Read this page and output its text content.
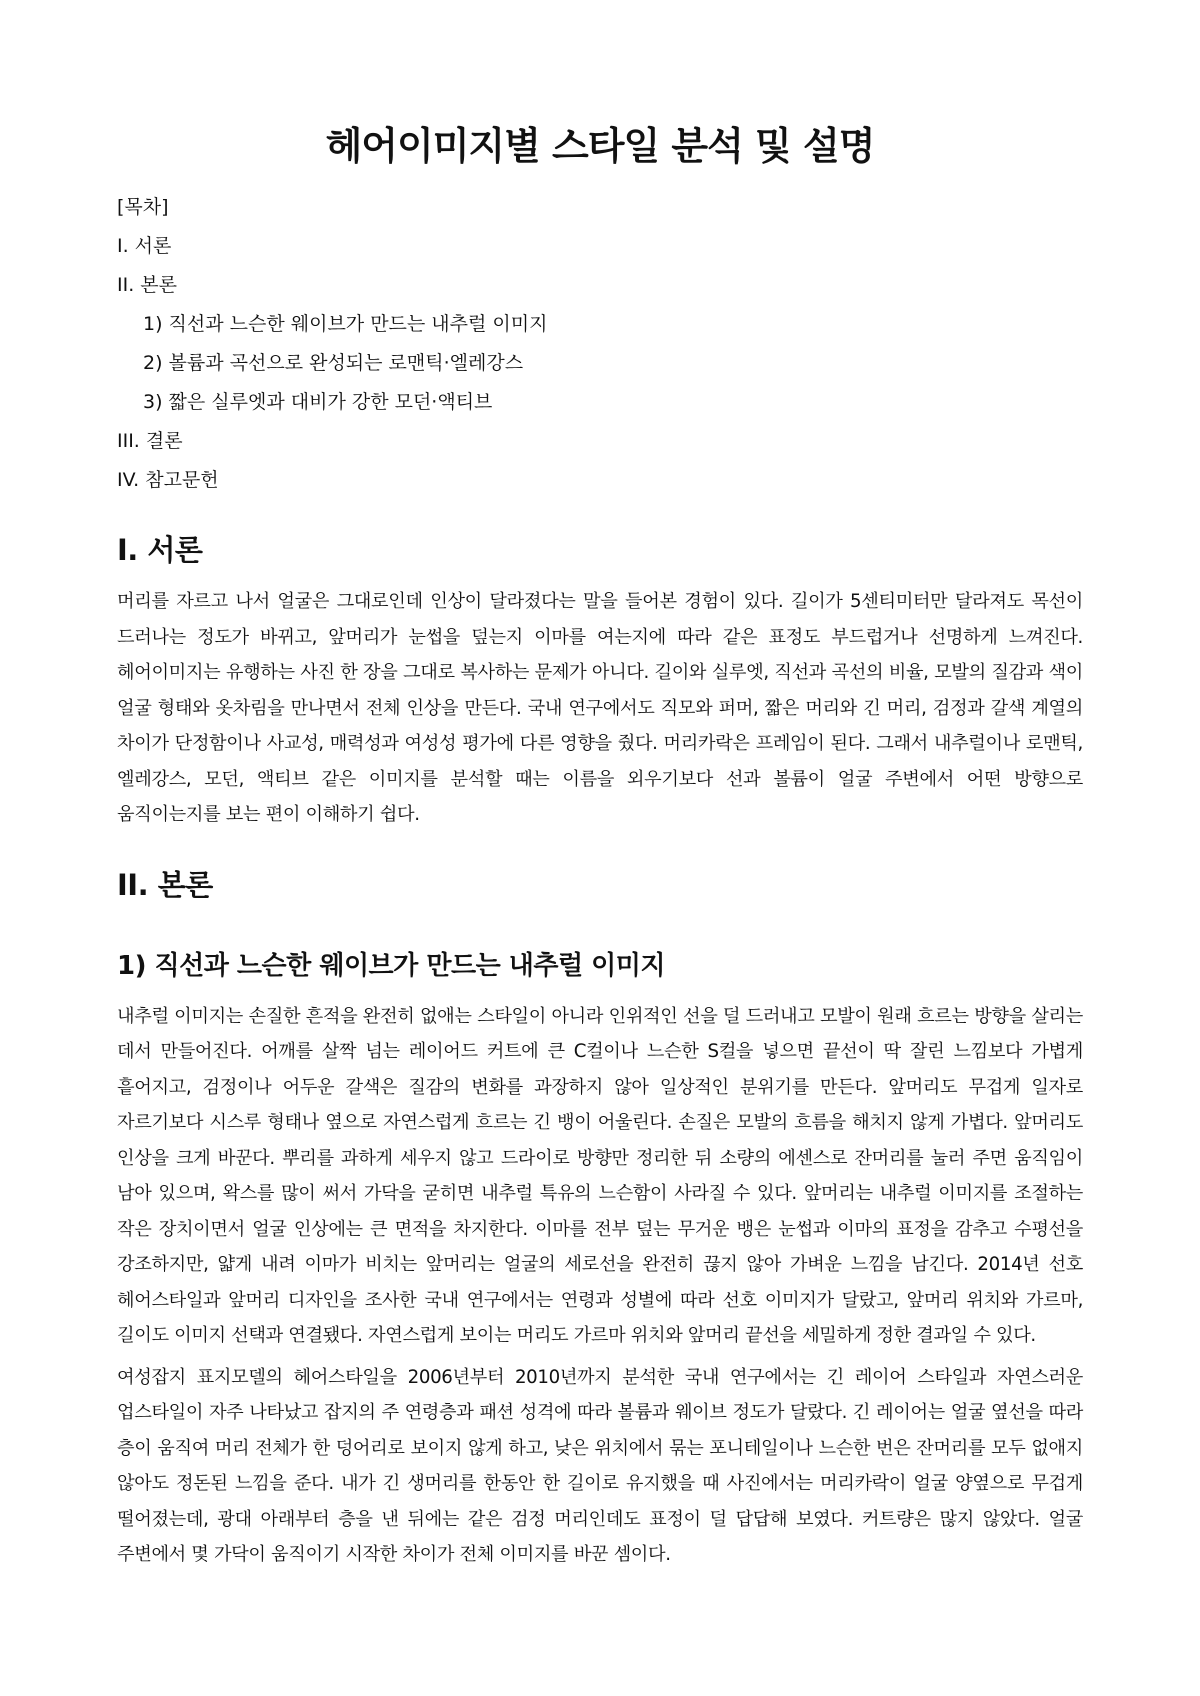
헤어이미지별 스타일 분석 및 설명
[목차]
I. 서론
II. 본론
1) 직선과 느슨한 웨이브가 만드는 내추럴 이미지
2) 볼륨과 곡선으로 완성되는 로맨틱·엘레강스
3) 짧은 실루엣과 대비가 강한 모던·액티브
III. 결론
IV. 참고문헌
I. 서론

머리를 자르고 나서 얼굴은 그대로인데 인상이 달라졌다는 말을 들어본 경험이 있다. 길이가 5센티미터만 달라져도 목선이 드러나는 정도가 바뀌고, 앞머리가 눈썹을 덮는지 이마를 여는지에 따라 같은 표정도 부드럽거나 선명하게 느껴진다. 헤어이미지는 유행하는 사진 한 장을 그대로 복사하는 문제가 아니다. 길이와 실루엣, 직선과 곡선의 비율, 모발의 질감과 색이 얼굴 형태와 옷차림을 만나면서 전체 인상을 만든다. 국내 연구에서도 직모와 퍼머, 짧은 머리와 긴 머리, 검정과 갈색 계열의 차이가 단정함이나 사교성, 매력성과 여성성 평가에 다른 영향을 줬다. 머리카락은 프레임이 된다. 그래서 내추럴이나 로맨틱, 엘레강스, 모던, 액티브 같은 이미지를 분석할 때는 이름을 외우기보다 선과 볼륨이 얼굴 주변에서 어떤 방향으로 움직이는지를 보는 편이 이해하기 쉽다.

II. 본론
1) 직선과 느슨한 웨이브가 만드는 내추럴 이미지

내추럴 이미지는 손질한 흔적을 완전히 없애는 스타일이 아니라 인위적인 선을 덜 드러내고 모발이 원래 흐르는 방향을 살리는 데서 만들어진다. 어깨를 살짝 넘는 레이어드 커트에 큰 C컬이나 느슨한 S컬을 넣으면 끝선이 딱 잘린 느낌보다 가볍게 흩어지고, 검정이나 어두운 갈색은 질감의 변화를 과장하지 않아 일상적인 분위기를 만든다. 앞머리도 무겁게 일자로 자르기보다 시스루 형태나 옆으로 자연스럽게 흐르는 긴 뱅이 어울린다. 손질은 모발의 흐름을 해치지 않게 가볍다. 앞머리도 인상을 크게 바꾼다. 뿌리를 과하게 세우지 않고 드라이로 방향만 정리한 뒤 소량의 에센스로 잔머리를 눌러 주면 움직임이 남아 있으며, 왁스를 많이 써서 가닥을 굳히면 내추럴 특유의 느슨함이 사라질 수 있다. 앞머리는 내추럴 이미지를 조절하는 작은 장치이면서 얼굴 인상에는 큰 면적을 차지한다. 이마를 전부 덮는 무거운 뱅은 눈썹과 이마의 표정을 감추고 수평선을 강조하지만, 얇게 내려 이마가 비치는 앞머리는 얼굴의 세로선을 완전히 끊지 않아 가벼운 느낌을 남긴다. 2014년 선호 헤어스타일과 앞머리 디자인을 조사한 국내 연구에서는 연령과 성별에 따라 선호 이미지가 달랐고, 앞머리 위치와 가르마, 길이도 이미지 선택과 연결됐다. 자연스럽게 보이는 머리도 가르마 위치와 앞머리 끝선을 세밀하게 정한 결과일 수 있다.

여성잡지 표지모델의 헤어스타일을 2006년부터 2010년까지 분석한 국내 연구에서는 긴 레이어 스타일과 자연스러운 업스타일이 자주 나타났고 잡지의 주 연령층과 패션 성격에 따라 볼륨과 웨이브 정도가 달랐다. 긴 레이어는 얼굴 옆선을 따라 층이 움직여 머리 전체가 한 덩어리로 보이지 않게 하고, 낮은 위치에서 묶는 포니테일이나 느슨한 번은 잔머리를 모두 없애지 않아도 정돈된 느낌을 준다. 내가 긴 생머리를 한동안 한 길이로 유지했을 때 사진에서는 머리카락이 얼굴 양옆으로 무겁게 떨어졌는데, 광대 아래부터 층을 낸 뒤에는 같은 검정 머리인데도 표정이 덜 답답해 보였다. 커트량은 많지 않았다. 얼굴 주변에서 몇 가닥이 움직이기 시작한 차이가 전체 이미지를 바꾼 셈이다.
